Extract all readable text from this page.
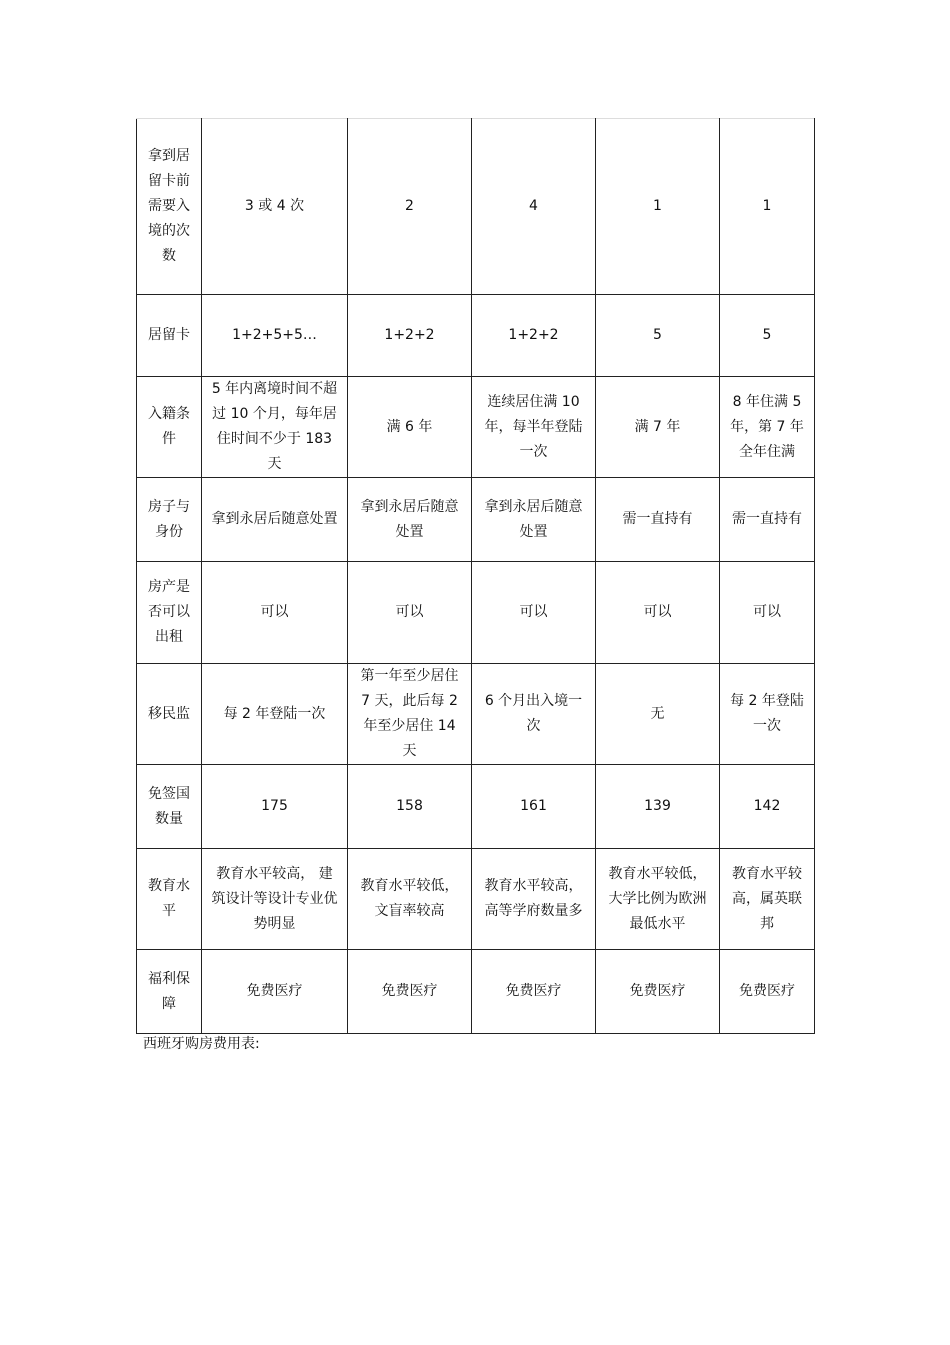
拿到居留卡前需要入境的次数	3 或 4 次	2	4	1	1
居留卡	1+2+5+5…	1+2+2	1+2+2	5	5
入籍条件	5 年内离境时间不超过 10 个月，每年居住时间不少于 183 天	满 6 年	连续居住满 10 年，每半年登陆一次	满 7 年	8 年住满 5 年，第 7 年全年住满
房子与身份	拿到永居后随意处置	拿到永居后随意处置	拿到永居后随意处置	需一直持有	需一直持有
房产是否可以出租	可以	可以	可以	可以	可以
移民监	每 2 年登陆一次	第一年至少居住 7 天，此后每 2 年至少居住 14 天	6 个月出入境一次	无	每 2 年登陆一次
免签国数量	175	158	161	139	142
教育水平	教育水平较高， 建筑设计等设计专业优势明显	教育水平较低，文盲率较高	教育水平较高，高等学府数量多	教育水平较低，大学比例为欧洲最低水平	教育水平较高，属英联邦
福利保障	免费医疗	免费医疗	免费医疗	免费医疗	免费医疗
西班牙购房费用表:
